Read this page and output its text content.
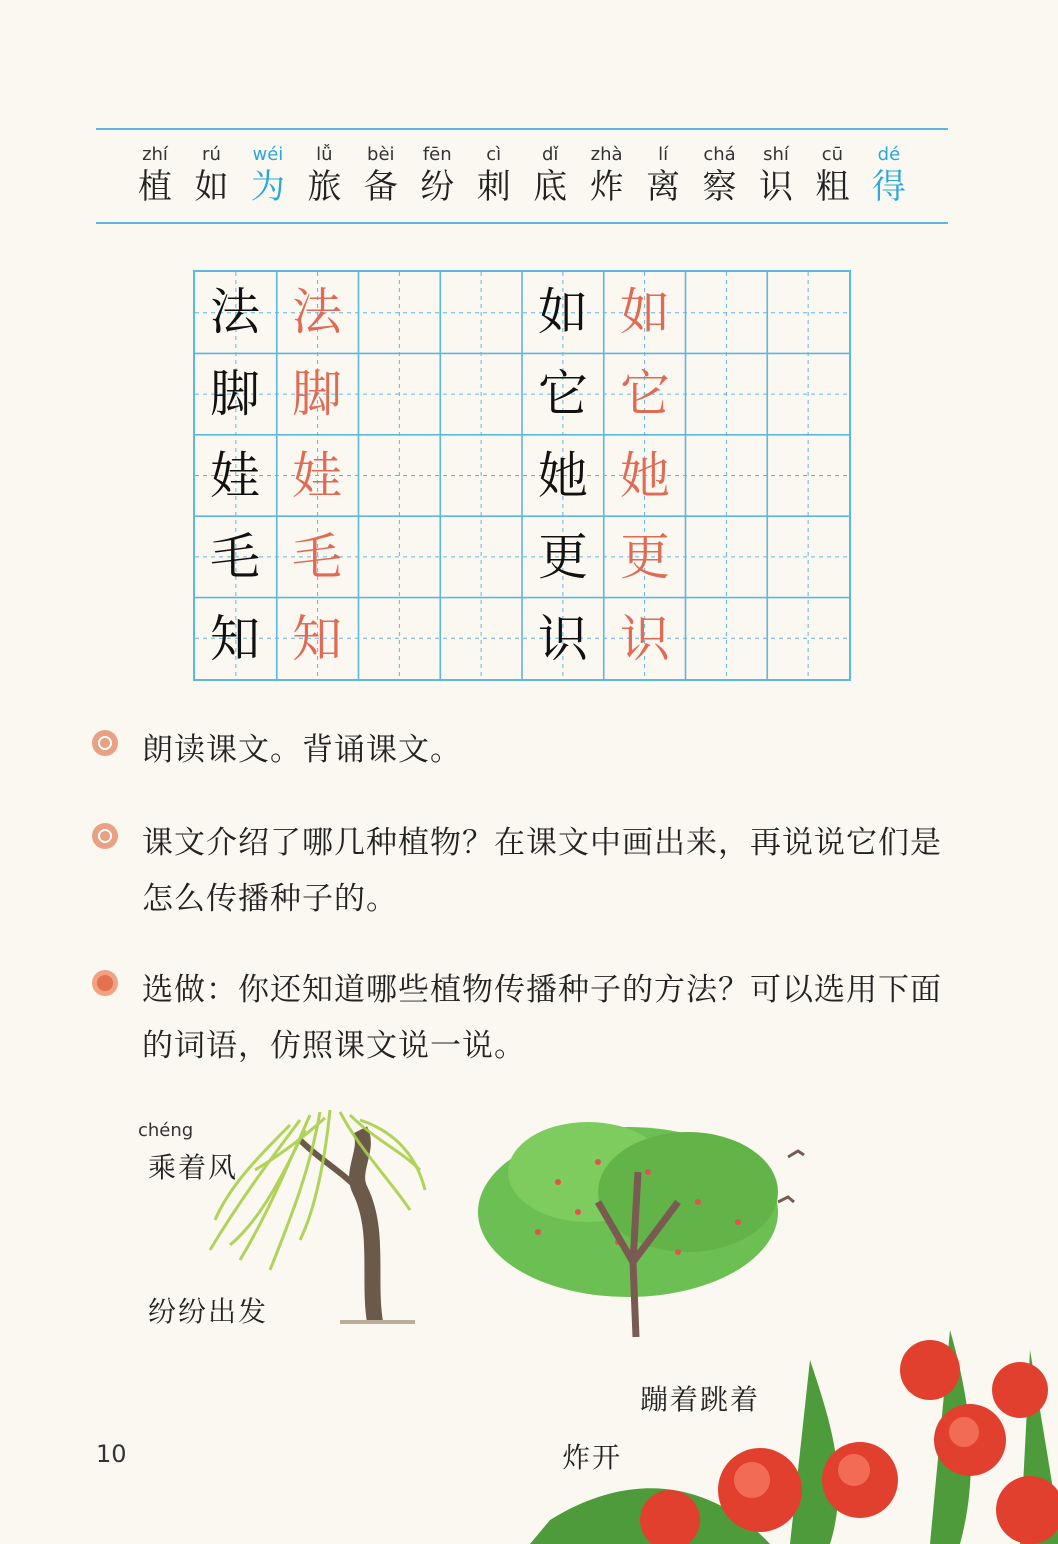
zhí
植
rú
如
wéi
为
lǚ
旅
bèi
备
fēn
纷
cì
刺
dǐ
底
zhà
炸
lí
离
chá
察
shí
识
cū
粗
dé
得
法 法
脚 脚
娃 娃
毛 毛
知 知
如 如
它 它
她 她
更 更
识 识
朗读课文。背诵课文。
课文介绍了哪几种植物？在课文中画出来，再说说它们是怎么传播种子的。
选做：你还知道哪些植物传播种子的方法？可以选用下面的词语，仿照课文说一说。
chéng
乘着风
纷纷出发
蹦着跳着
炸开
10
